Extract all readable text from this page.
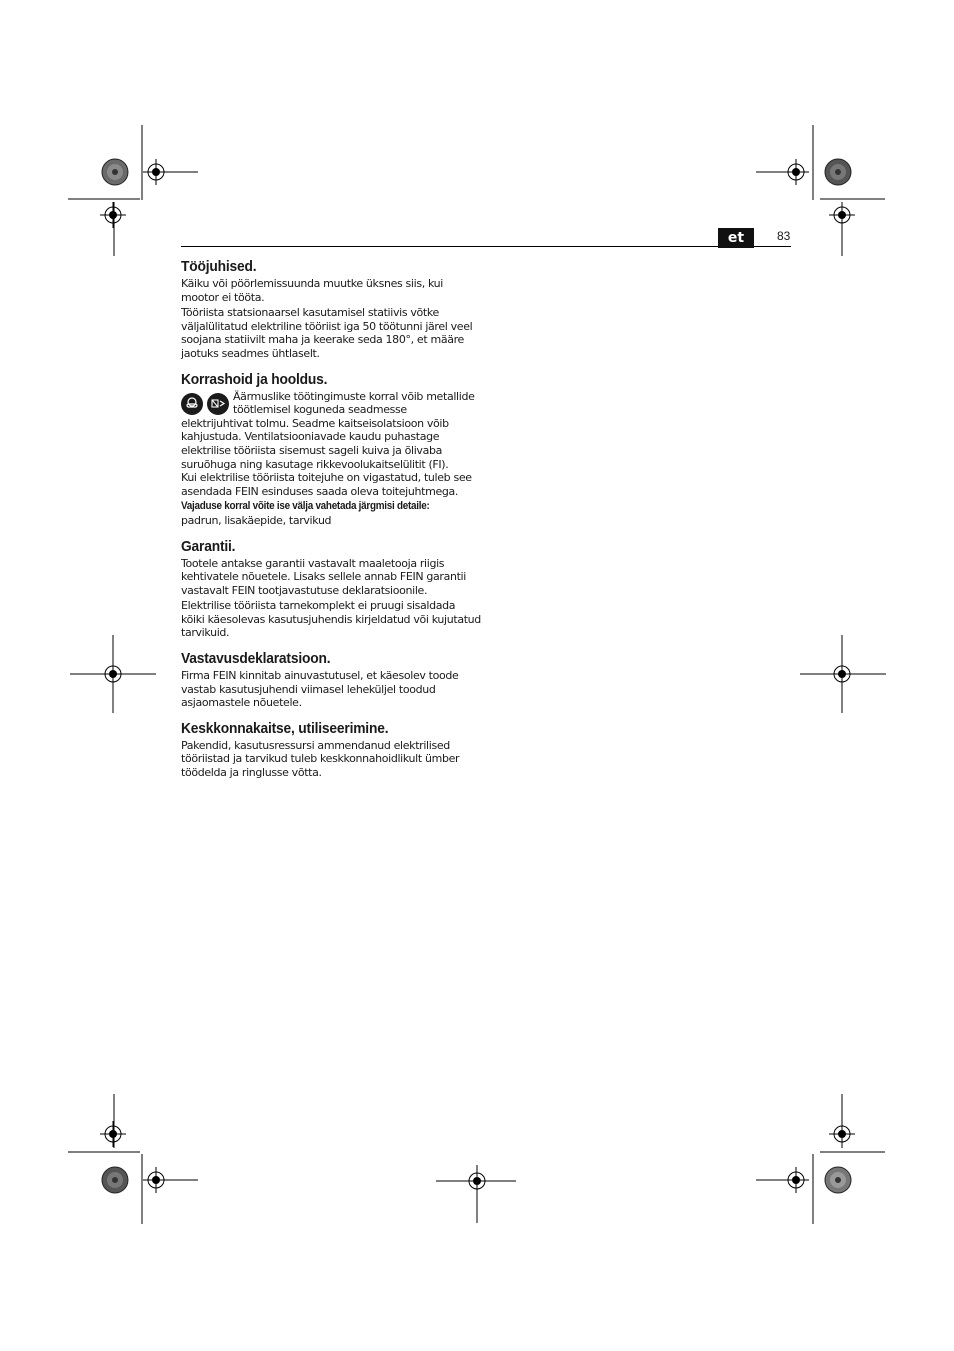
et	83
Tööjuhised.

Käiku või pöörlemissuunda muutke üksnes siis, kui mootor ei tööta.

Tööriista statsionaarsel kasutamisel statiivis võtke väljalülitatud elektriline tööriist iga 50 töötunni järel veel soojana statiivilt maha ja keerake seda 180°, et määre jaotuks seadmes ühtlaselt.

Korrashoid ja hooldus.

Äärmuslike töötingimuste korral võib metallide töötlemisel koguneda seadmesse elektrijuhtivat tolmu. Seadme kaitseisolatsioon võib kahjustuda. Ventilatsiooniavade kaudu puhastage elektrilise tööriista sisemust sageli kuiva ja õlivaba suruõhuga ning kasutage rikkevoolukaitselülitit (FI).

Kui elektrilise tööriista toitejuhe on vigastatud, tuleb see asendada FEIN esinduses saada oleva toitejuhtmega.

Vajaduse korral võite ise välja vahetada järgmisi detaile:
padrun, lisakäepide, tarvikud

Garantii.

Tootele antakse garantii vastavalt maaletooja riigis kehtivatele nõuetele. Lisaks sellele annab FEIN garantii vastavalt FEIN tootjavastutuse deklaratsioonile.

Elektrilise tööriista tarnekomplekt ei pruugi sisaldada kõiki käesolevas kasutusjuhendis kirjeldatud või kujutatud tarvikuid.

Vastavusdeklaratsioon.

Firma FEIN kinnitab ainuvastutusel, et käesolev toode vastab kasutusjuhendi viimasel leheküljel toodud asjaomastele nõuetele.

Keskkonnakaitse, utiliseerimine.

Pakendid, kasutusressursi ammendanud elektrilised tööriistad ja tarvikud tuleb keskkonnahoidlikult ümber töödelda ja ringlusse võtta.
